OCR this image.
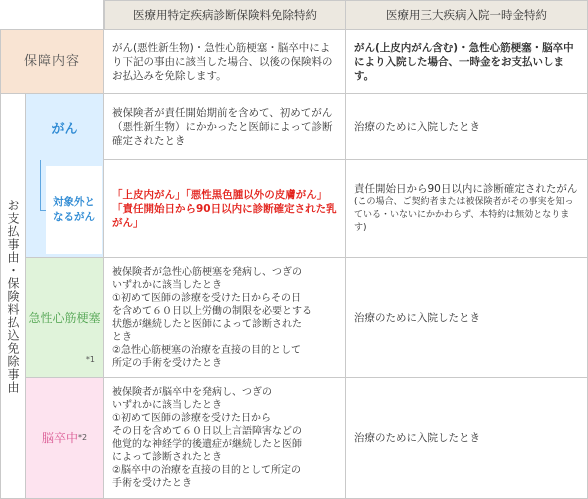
医療用特定疾病診断保険料免除特約	医療用三大疾病入院一時金特約
保障内容
がん(悪性新生物)・急性心筋梗塞・脳卒中により下記の事由に該当した場合、以後の保険料のお払込みを免除します。
がん(上皮内がん含む)・急性心筋梗塞・脳卒中により入院した場合、一時金をお支払いします。
お支払事由・保険料払込免除事由
がん
対象外と
なるがん
被保険者が責任開始期前を含めて、初めてがん（悪性新生物）にかかったと医師によって診断確定されたとき
治療のために入院したとき
「上皮内がん」「悪性黒色腫以外の皮膚がん」
「責任開始日から90日以内に診断確定された乳がん」
責任開始日から90日以内に診断確定されたがん
(この場合、ご契約者または被保険者がその事実を知っている・いないにかかわらず、本特約は無効となります)
急性心筋梗塞
*1
被保険者が急性心筋梗塞を発病し、つぎの
いずれかに該当したとき
①初めて医師の診療を受けた日からその日
を含めて６０日以上労働の制限を必要とする
状態が継続したと医師によって診断された
とき
②急性心筋梗塞の治療を直接の目的として
所定の手術を受けたとき
治療のために入院したとき
脳卒中 *2
被保険者が脳卒中を発病し、つぎの
いずれかに該当したとき
①初めて医師の診療を受けた日から
その日を含めて６０日以上言語障害などの
他覚的な神経学的後遺症が継続したと医師
によって診断されたとき
②脳卒中の治療を直接の目的として所定の
手術を受けたとき
治療のために入院したとき
